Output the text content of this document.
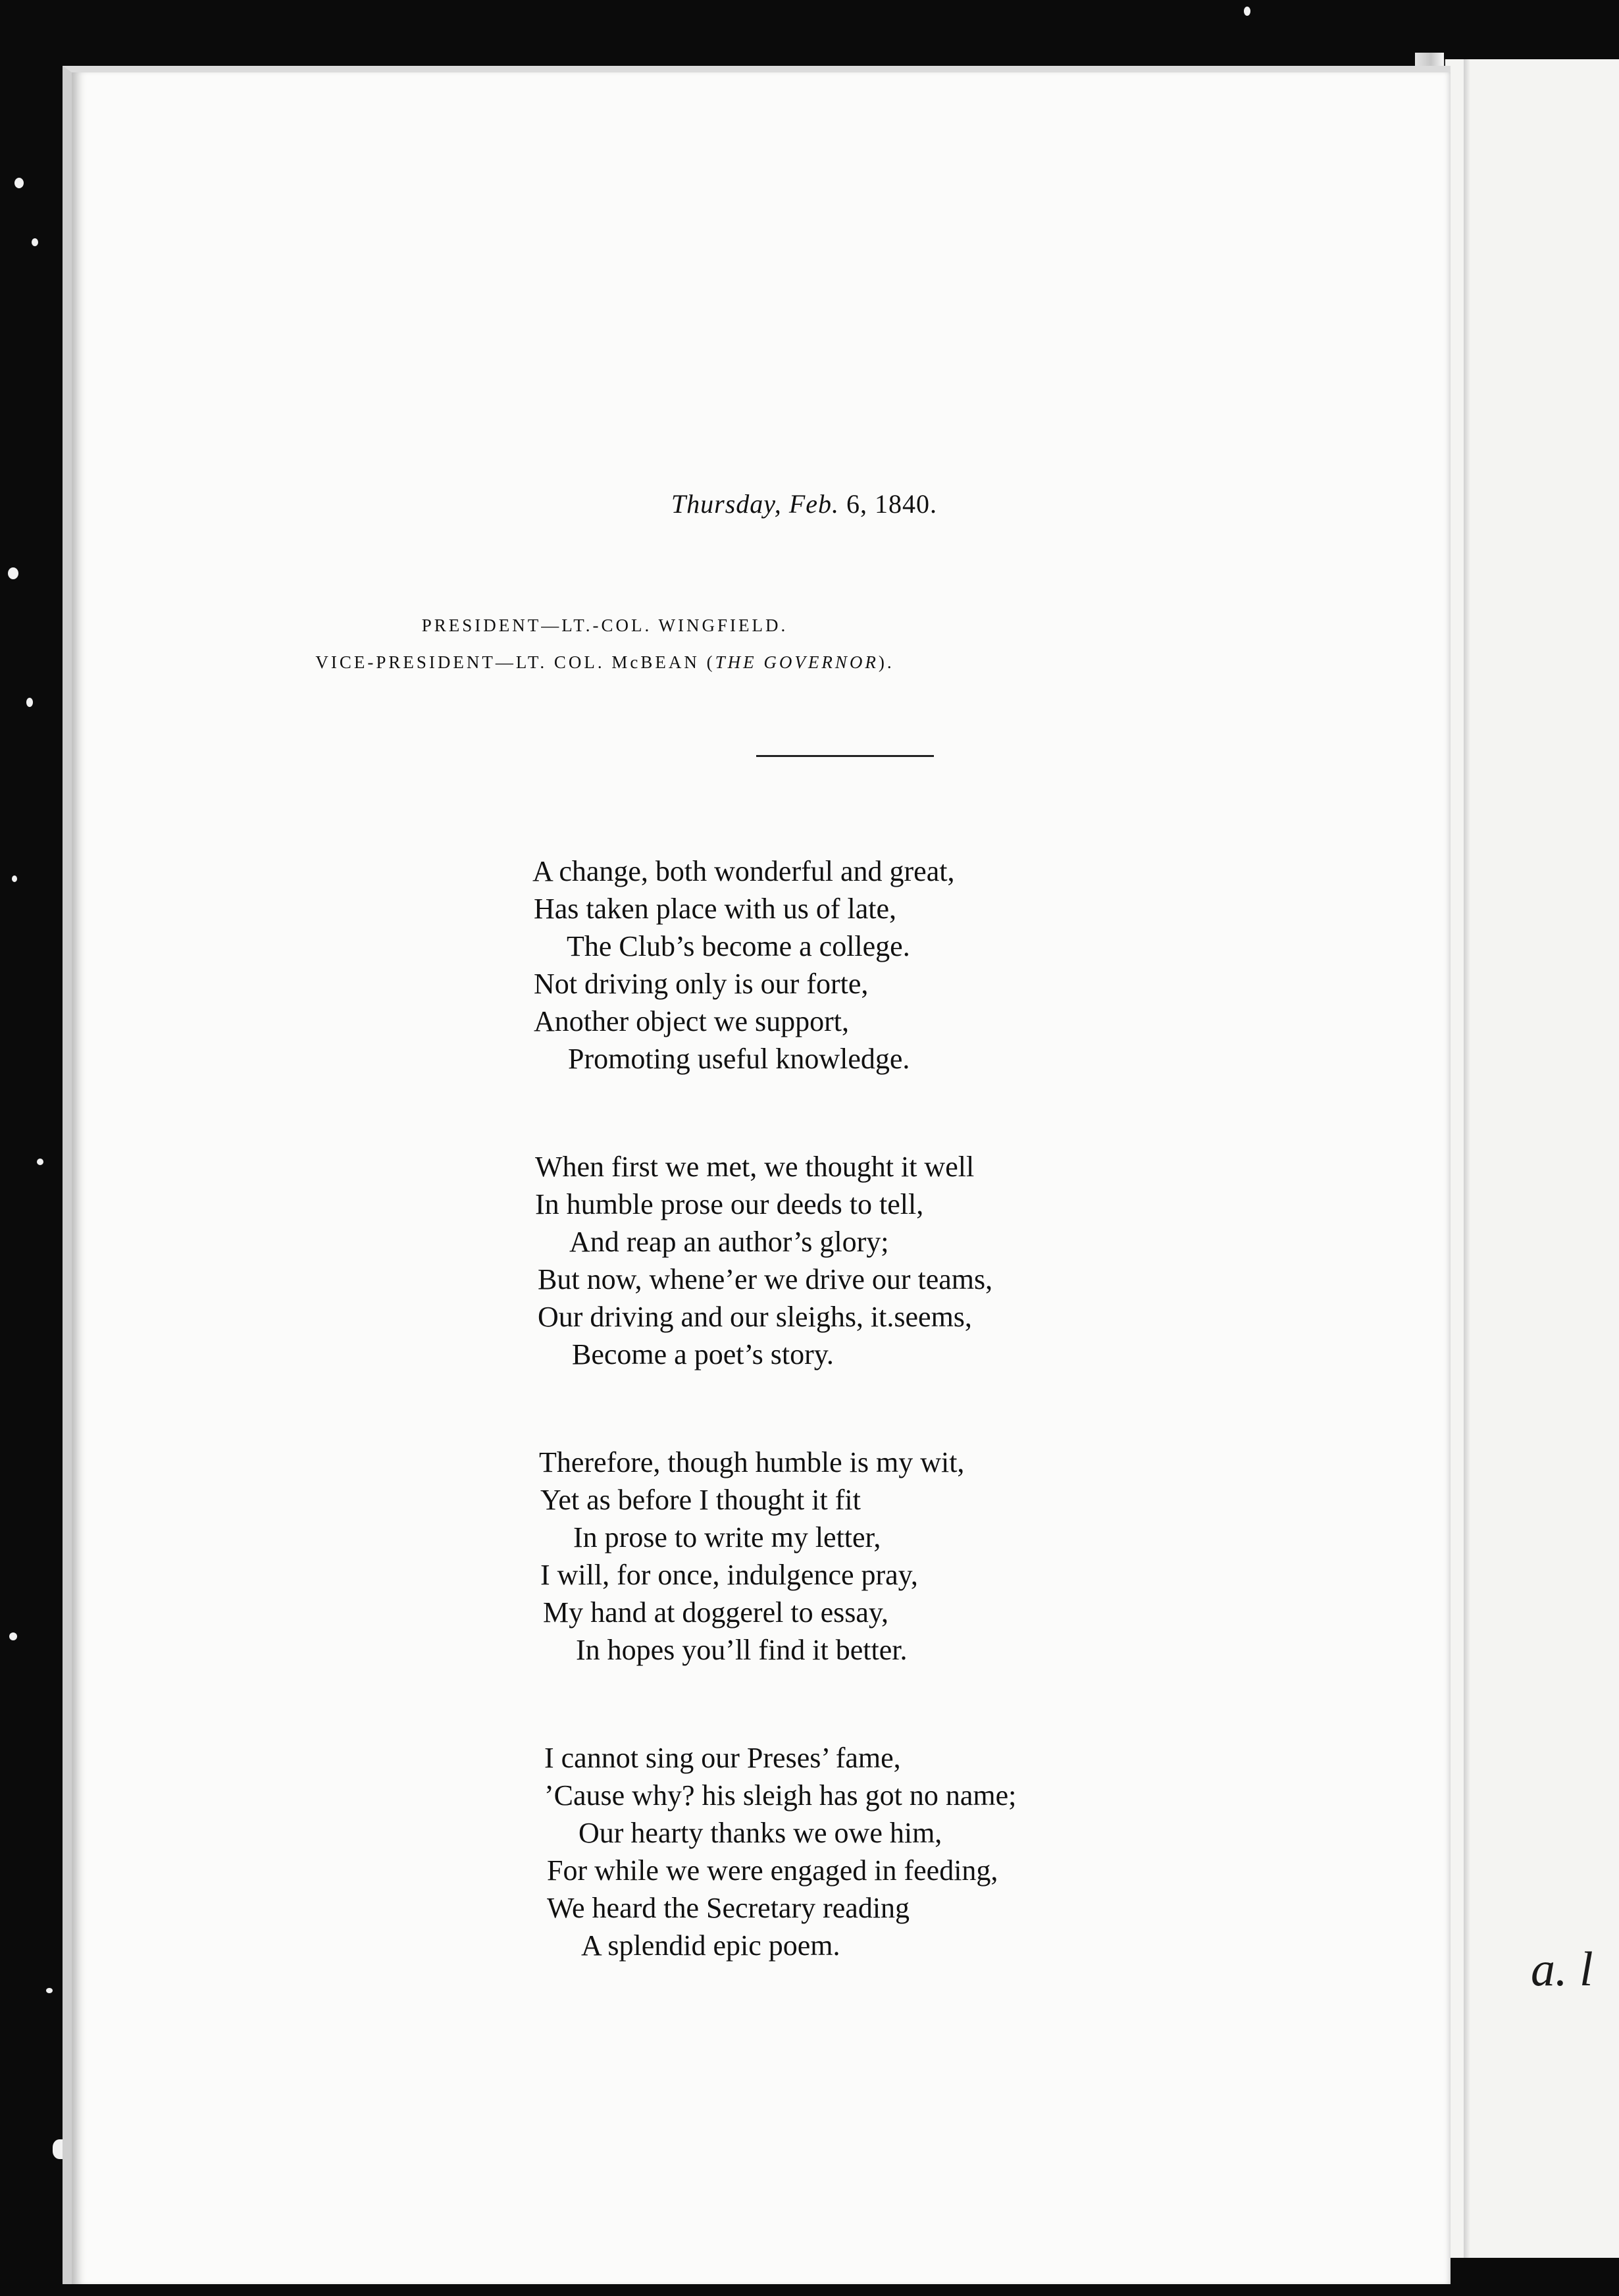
a. l
Thursday, Feb. 6, 1840.
PRESIDENT—LT.-COL. WINGFIELD.
VICE-PRESIDENT—LT. COL. McBEAN (THE GOVERNOR).
A change, both wonderful and great,
Has taken place with us of late,
The Club’s become a college.
Not driving only is our forte,
Another object we support,
Promoting useful knowledge.
When first we met, we thought it well
In humble prose our deeds to tell,
And reap an author’s glory;
But now, whene’er we drive our teams,
Our driving and our sleighs, it.seems,
Become a poet’s story.
Therefore, though humble is my wit,
Yet as before I thought it fit
In prose to write my letter,
I will, for once, indulgence pray,
My hand at doggerel to essay,
In hopes you’ll find it better.
I cannot sing our Preses’ fame,
’Cause why? his sleigh has got no name;
Our hearty thanks we owe him,
For while we were engaged in feeding,
We heard the Secretary reading
A splendid epic poem.
